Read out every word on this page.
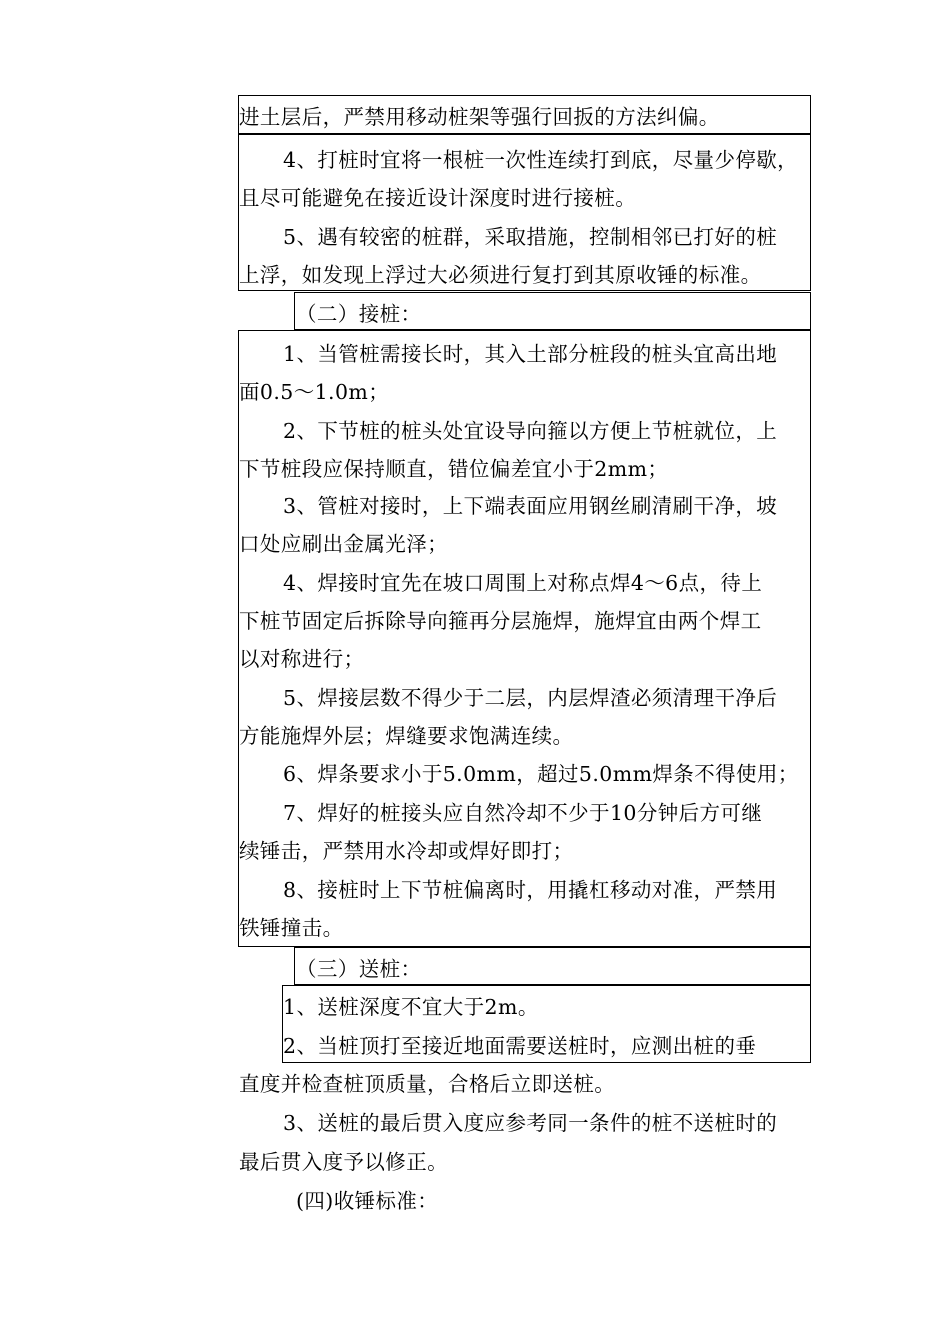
进土层后，严禁用移动桩架等强行回扳的方法纠偏。
4、打桩时宜将一根桩一次性连续打到底，尽量少停歇，
且尽可能避免在接近设计深度时进行接桩。
5、遇有较密的桩群，采取措施，控制相邻已打好的桩
上浮，如发现上浮过大必须进行复打到其原收锤的标准。
（二）接桩：
1、当管桩需接长时，其入土部分桩段的桩头宜高出地
面0.5〜1.0m；
2、下节桩的桩头处宜设导向箍以方便上节桩就位，上
下节桩段应保持顺直，错位偏差宜小于2mm；
3、管桩对接时，上下端表面应用钢丝刷清刷干净，坡
口处应刷出金属光泽；
4、焊接时宜先在坡口周围上对称点焊4〜6点，待上
下桩节固定后拆除导向箍再分层施焊，施焊宜由两个焊工
以对称进行；
5、焊接层数不得少于二层，内层焊渣必须清理干净后
方能施焊外层；焊缝要求饱满连续。
6、焊条要求小于5.0mm，超过5.0mm焊条不得使用；
7、焊好的桩接头应自然冷却不少于10分钟后方可继
续锤击，严禁用水冷却或焊好即打；
8、接桩时上下节桩偏离时，用撬杠移动对准，严禁用
铁锤撞击。
（三）送桩：
1、送桩深度不宜大于2m。
2、当桩顶打至接近地面需要送桩时，应测出桩的垂
直度并检查桩顶质量，合格后立即送桩。
3、送桩的最后贯入度应参考同一条件的桩不送桩时的
最后贯入度予以修正。
(四)收锤标准：
